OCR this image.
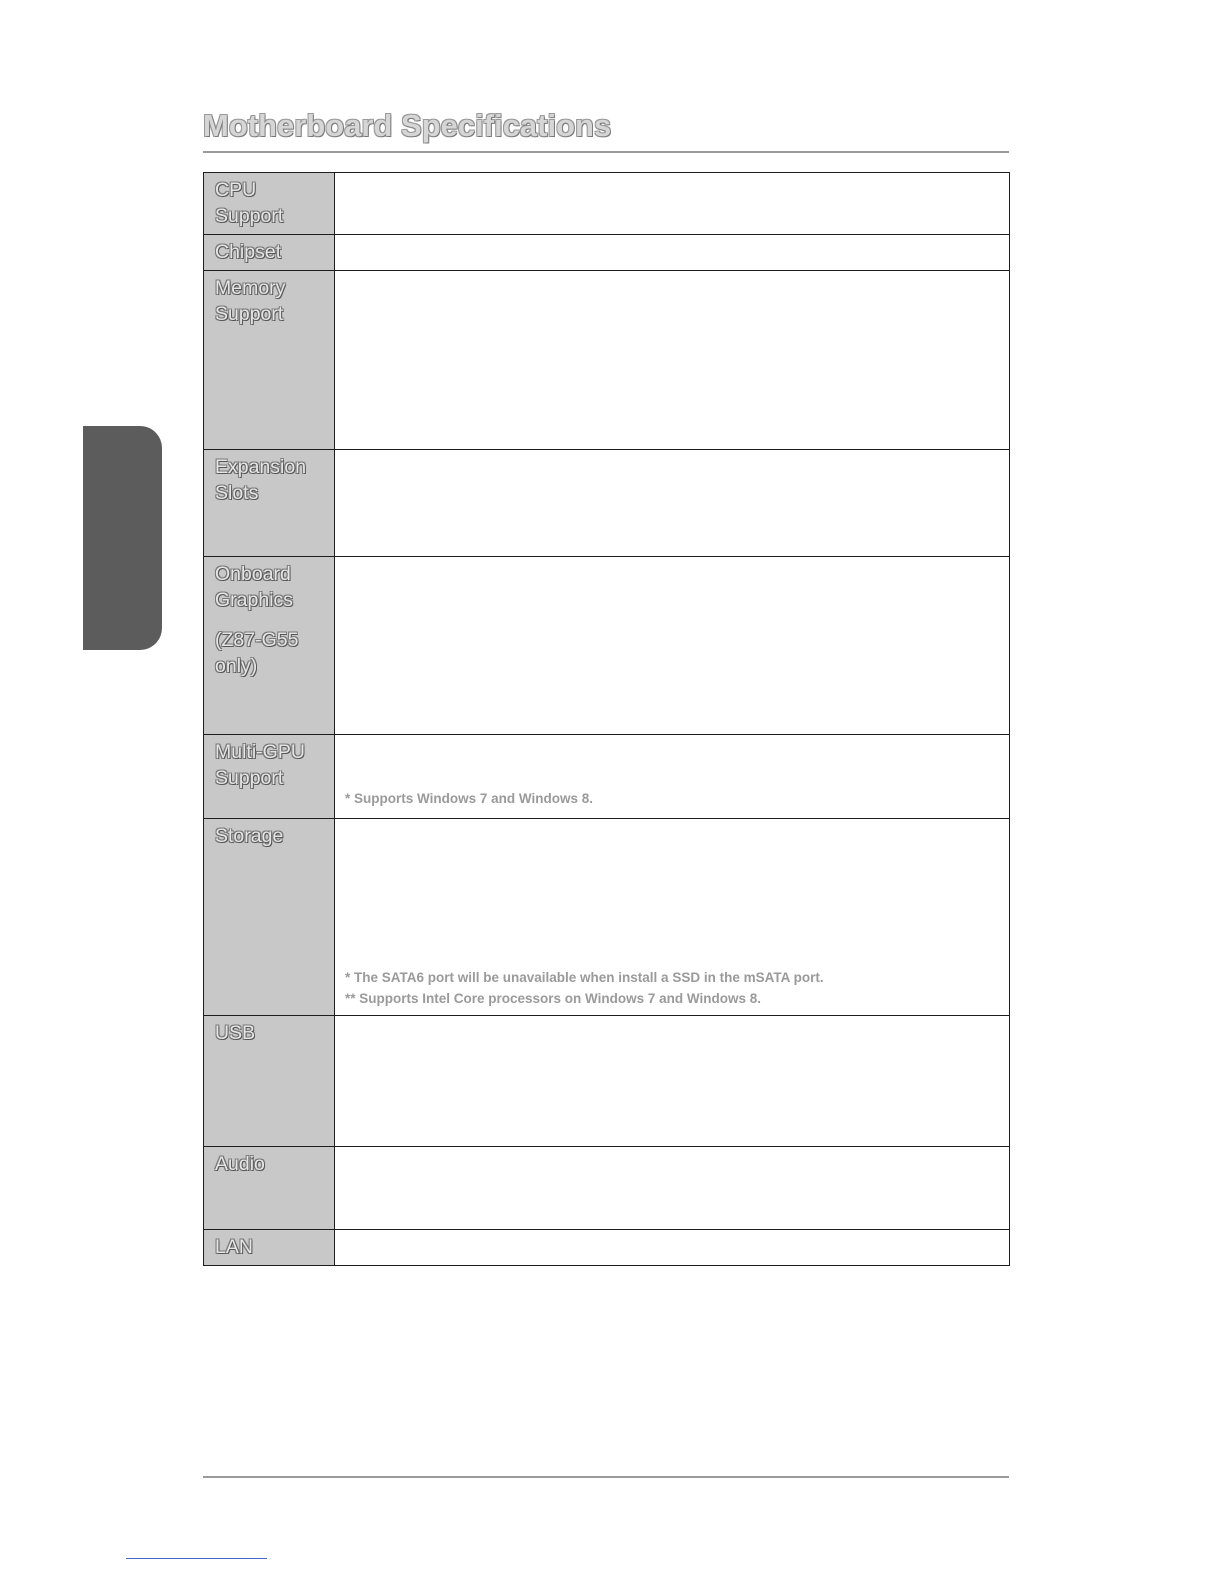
Motherboard Specifications
CPU
Support	

Chipset	

Memory
Support	

Expansion
Slots	

Onboard
Graphics
(Z87-G55
only)	

Multi-GPU
Support	* Supports Windows 7 and Windows 8.

Storage	* The SATA6 port will be unavailable when install a SSD in the mSATA port.
** Supports Intel Core processors on Windows 7 and Windows 8.

USB	

Audio	

LAN	
